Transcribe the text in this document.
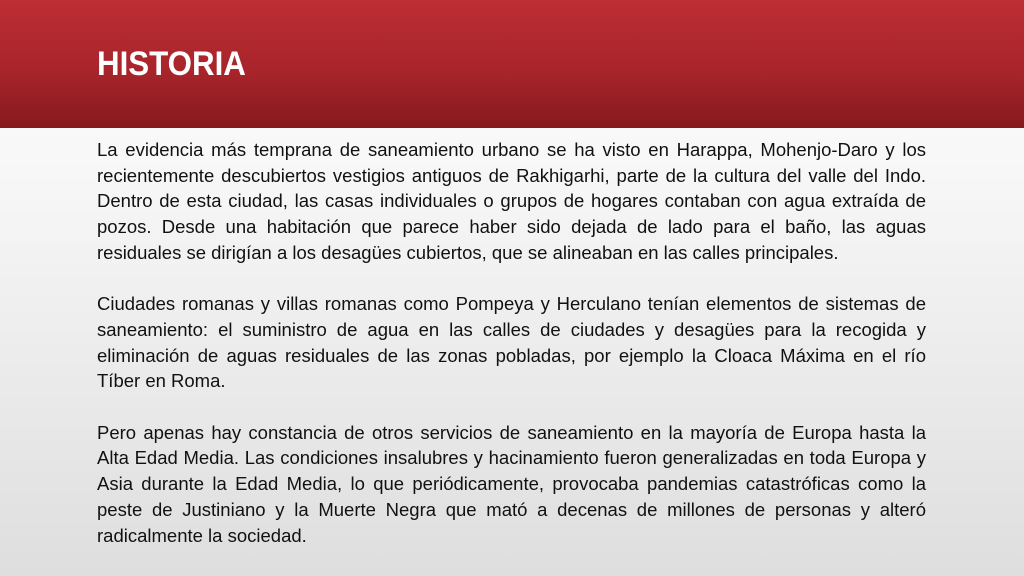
HISTORIA

La evidencia más temprana de saneamiento urbano se ha visto en Harappa, Mohenjo-Daro y los recientemente descubiertos vestigios antiguos de Rakhigarhi, parte de la cultura del valle del Indo. Dentro de esta ciudad, las casas individuales o grupos de hogares contaban con agua extraída de pozos. Desde una habitación que parece haber sido dejada de lado para el baño, las aguas residuales se dirigían a los desagües cubiertos, que se alineaban en las calles principales.

Ciudades romanas y villas romanas como Pompeya y Herculano tenían elementos de sistemas de saneamiento: el suministro de agua en las calles de ciudades y desagües para la recogida y eliminación de aguas residuales de las zonas pobladas, por ejemplo la Cloaca Máxima en el río Tíber en Roma.

Pero apenas hay constancia de otros servicios de saneamiento en la mayoría de Europa hasta la Alta Edad Media. Las condiciones insalubres y hacinamiento fueron generalizadas en toda Europa y Asia durante la Edad Media, lo que periódicamente, provocaba pandemias catastróficas como la peste de Justiniano y la Muerte Negra que mató a decenas de millones de personas y alteró radicalmente la sociedad.
